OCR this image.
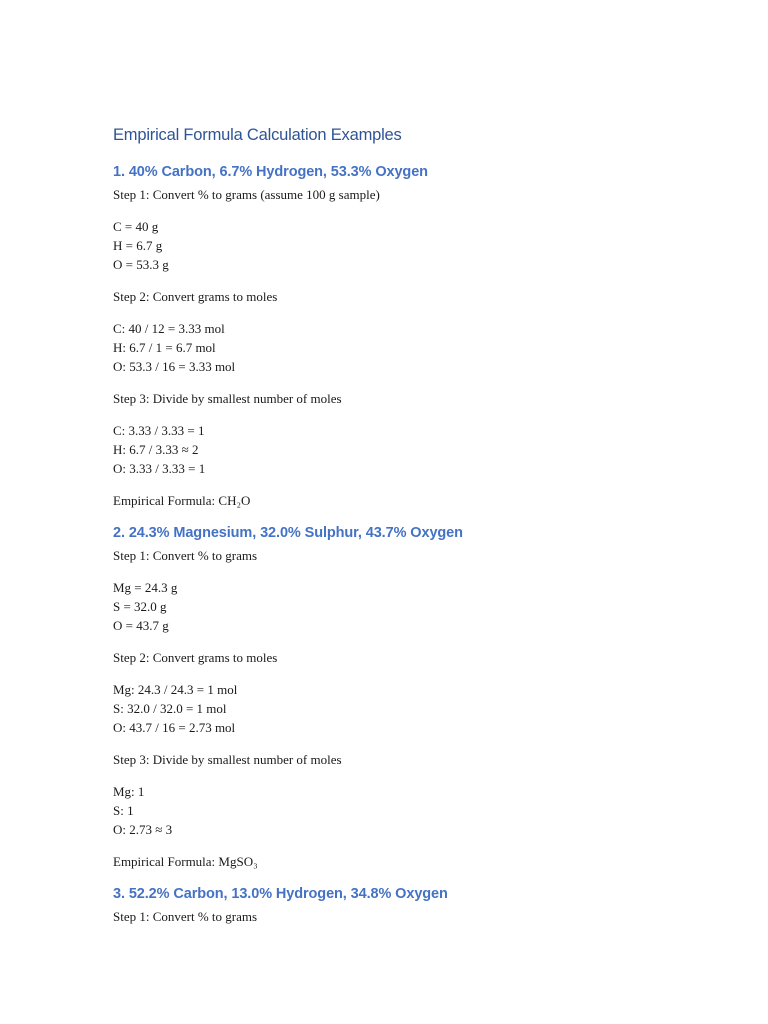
Empirical Formula Calculation Examples
1. 40% Carbon, 6.7% Hydrogen, 53.3% Oxygen

Step 1: Convert % to grams (assume 100 g sample)

C = 40 g
H = 6.7 g
O = 53.3 g

Step 2: Convert grams to moles

C: 40 / 12 = 3.33 mol
H: 6.7 / 1 = 6.7 mol
O: 53.3 / 16 = 3.33 mol

Step 3: Divide by smallest number of moles

C: 3.33 / 3.33 = 1
H: 6.7 / 3.33 ≈ 2
O: 3.33 / 3.33 = 1

Empirical Formula: CH₂O

2. 24.3% Magnesium, 32.0% Sulphur, 43.7% Oxygen

Step 1: Convert % to grams

Mg = 24.3 g
S = 32.0 g
O = 43.7 g

Step 2: Convert grams to moles

Mg: 24.3 / 24.3 = 1 mol
S: 32.0 / 32.0 = 1 mol
O: 43.7 / 16 = 2.73 mol

Step 3: Divide by smallest number of moles

Mg: 1
S: 1
O: 2.73 ≈ 3

Empirical Formula: MgSO₃

3. 52.2% Carbon, 13.0% Hydrogen, 34.8% Oxygen

Step 1: Convert % to grams
